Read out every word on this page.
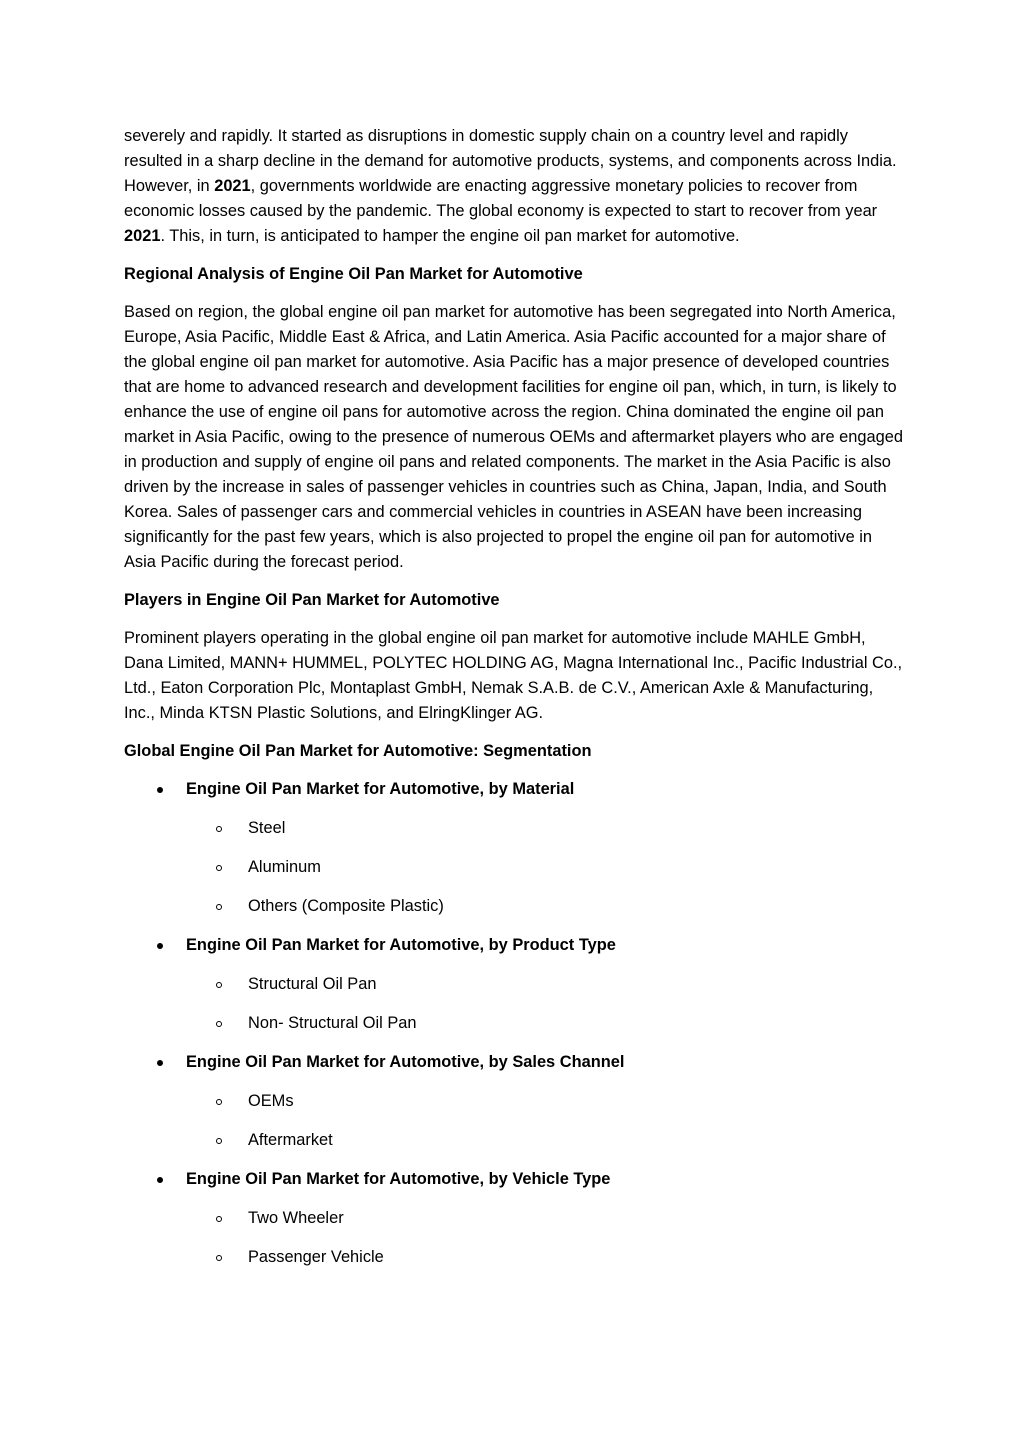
severely and rapidly. It started as disruptions in domestic supply chain on a country level and rapidly resulted in a sharp decline in the demand for automotive products, systems, and components across India. However, in 2021, governments worldwide are enacting aggressive monetary policies to recover from economic losses caused by the pandemic. The global economy is expected to start to recover from year 2021. This, in turn, is anticipated to hamper the engine oil pan market for automotive.

Regional Analysis of Engine Oil Pan Market for Automotive

Based on region, the global engine oil pan market for automotive has been segregated into North America, Europe, Asia Pacific, Middle East & Africa, and Latin America. Asia Pacific accounted for a major share of the global engine oil pan market for automotive. Asia Pacific has a major presence of developed countries that are home to advanced research and development facilities for engine oil pan, which, in turn, is likely to enhance the use of engine oil pans for automotive across the region. China dominated the engine oil pan market in Asia Pacific, owing to the presence of numerous OEMs and aftermarket players who are engaged in production and supply of engine oil pans and related components. The market in the Asia Pacific is also driven by the increase in sales of passenger vehicles in countries such as China, Japan, India, and South Korea. Sales of passenger cars and commercial vehicles in countries in ASEAN have been increasing significantly for the past few years, which is also projected to propel the engine oil pan for automotive in Asia Pacific during the forecast period.

Players in Engine Oil Pan Market for Automotive

Prominent players operating in the global engine oil pan market for automotive include MAHLE GmbH, Dana Limited, MANN+ HUMMEL, POLYTEC HOLDING AG, Magna International Inc., Pacific Industrial Co., Ltd., Eaton Corporation Plc, Montaplast GmbH, Nemak S.A.B. de C.V., American Axle & Manufacturing, Inc., Minda KTSN Plastic Solutions, and ElringKlinger AG.

Global Engine Oil Pan Market for Automotive: Segmentation
Engine Oil Pan Market for Automotive, by Material
Steel
Aluminum
Others (Composite Plastic)
Engine Oil Pan Market for Automotive, by Product Type
Structural Oil Pan
Non- Structural Oil Pan
Engine Oil Pan Market for Automotive, by Sales Channel
OEMs
Aftermarket
Engine Oil Pan Market for Automotive, by Vehicle Type
Two Wheeler
Passenger Vehicle
